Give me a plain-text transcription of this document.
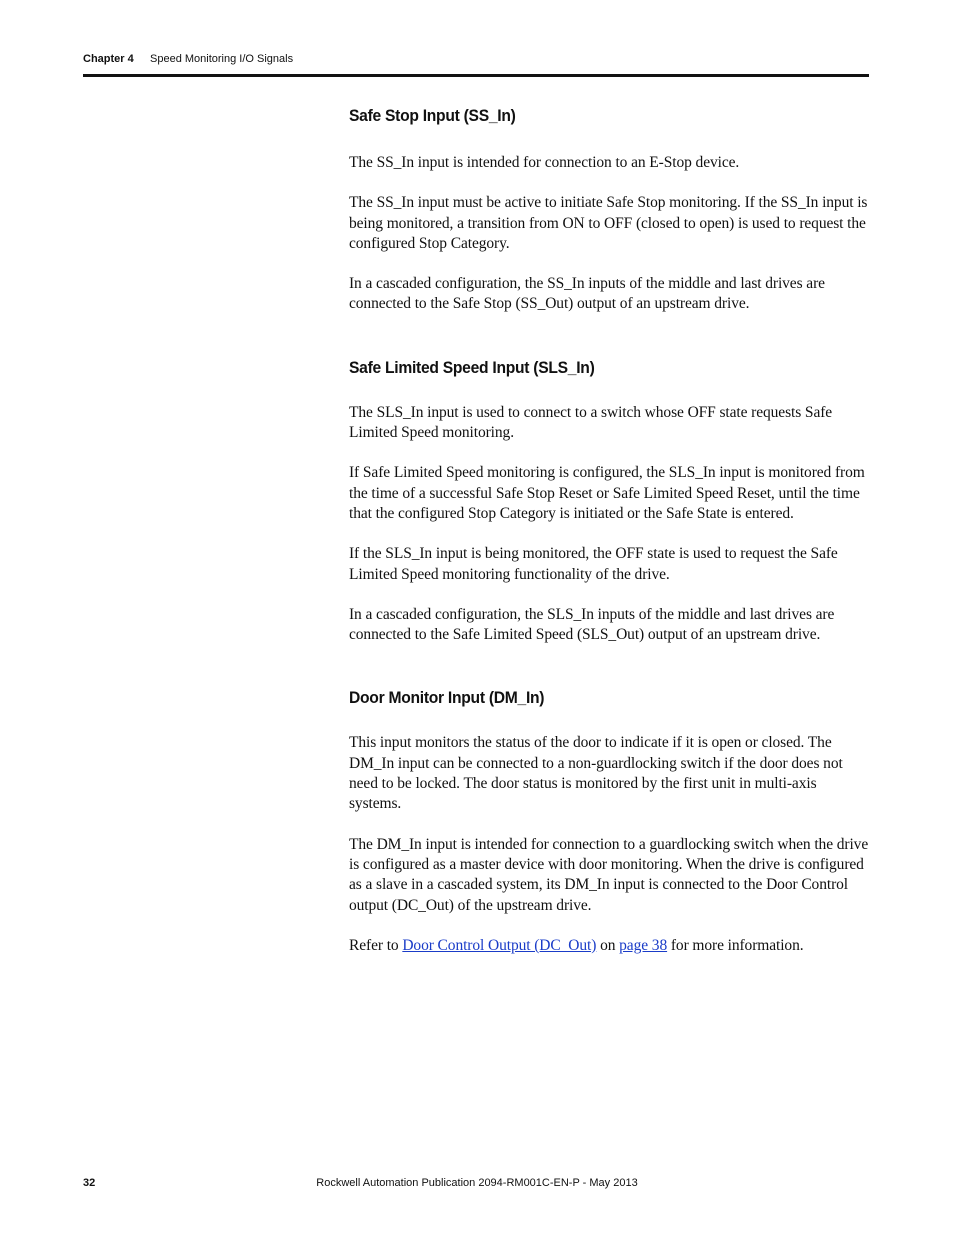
Chapter 4 Speed Monitoring I/O Signals
Safe Stop Input (SS_In)

The SS_In input is intended for connection to an E-Stop device.

The SS_In input must be active to initiate Safe Stop monitoring. If the SS_In input is being monitored, a transition from ON to OFF (closed to open) is used to request the configured Stop Category.

In a cascaded configuration, the SS_In inputs of the middle and last drives are connected to the Safe Stop (SS_Out) output of an upstream drive.

Safe Limited Speed Input (SLS_In)

The SLS_In input is used to connect to a switch whose OFF state requests Safe Limited Speed monitoring.

If Safe Limited Speed monitoring is configured, the SLS_In input is monitored from the time of a successful Safe Stop Reset or Safe Limited Speed Reset, until the time that the configured Stop Category is initiated or the Safe State is entered.

If the SLS_In input is being monitored, the OFF state is used to request the Safe Limited Speed monitoring functionality of the drive.

In a cascaded configuration, the SLS_In inputs of the middle and last drives are connected to the Safe Limited Speed (SLS_Out) output of an upstream drive.

Door Monitor Input (DM_In)

This input monitors the status of the door to indicate if it is open or closed. The DM_In input can be connected to a non-guardlocking switch if the door does not need to be locked. The door status is monitored by the first unit in multi-axis systems.

The DM_In input is intended for connection to a guardlocking switch when the drive is configured as a master device with door monitoring. When the drive is configured as a slave in a cascaded system, its DM_In input is connected to the Door Control output (DC_Out) of the upstream drive.

Refer to Door Control Output (DC_Out) on page 38 for more information.

32	Rockwell Automation Publication 2094-RM001C-EN-P - May 2013
